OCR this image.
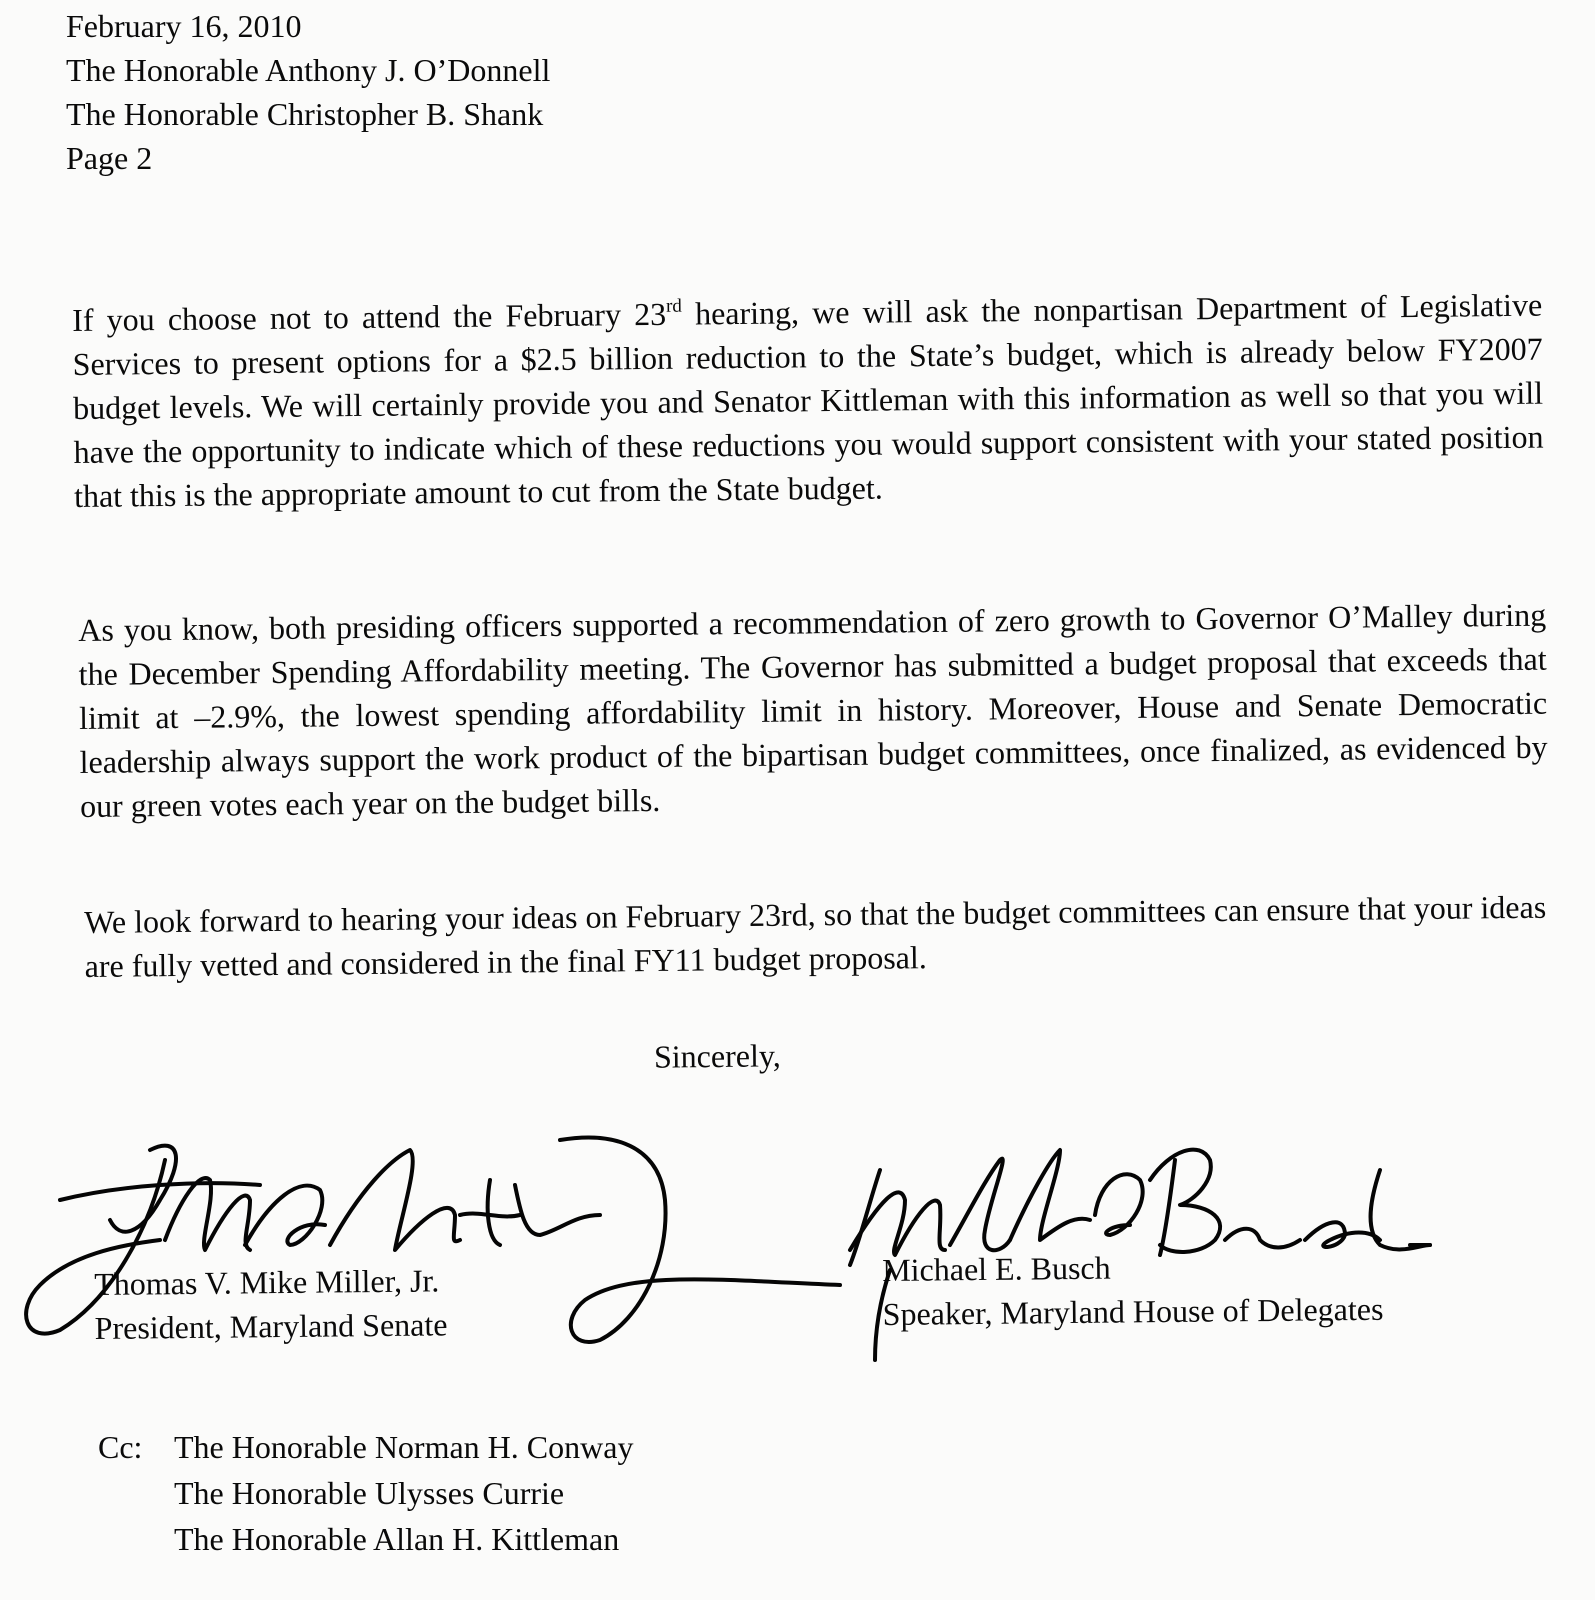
February 16, 2010
The Honorable Anthony J. O’Donnell
The Honorable Christopher B. Shank
Page 2
If you choose not to attend the February 23rd hearing, we will ask the nonpartisan Department of Legislative Services to present options for a $2.5 billion reduction to the State’s budget, which is already below FY2007 budget levels. We will certainly provide you and Senator Kittleman with this information as well so that you will have the opportunity to indicate which of these reductions you would support consistent with your stated position that this is the appropriate amount to cut from the State budget.
As you know, both presiding officers supported a recommendation of zero growth to Governor O’Malley during the December Spending Affordability meeting. The Governor has submitted a budget proposal that exceeds that limit at –2.9%, the lowest spending affordability limit in history. Moreover, House and Senate Democratic leadership always support the work product of the bipartisan budget committees, once finalized, as evidenced by our green votes each year on the budget bills.
We look forward to hearing your ideas on February 23rd, so that the budget committees can ensure that your ideas are fully vetted and considered in the final FY11 budget proposal.
Sincerely,
Thomas V. Mike Miller, Jr.
President, Maryland Senate
Michael E. Busch
Speaker, Maryland House of Delegates
Cc: The Honorable Norman H. Conway
The Honorable Ulysses Currie
The Honorable Allan H. Kittleman
